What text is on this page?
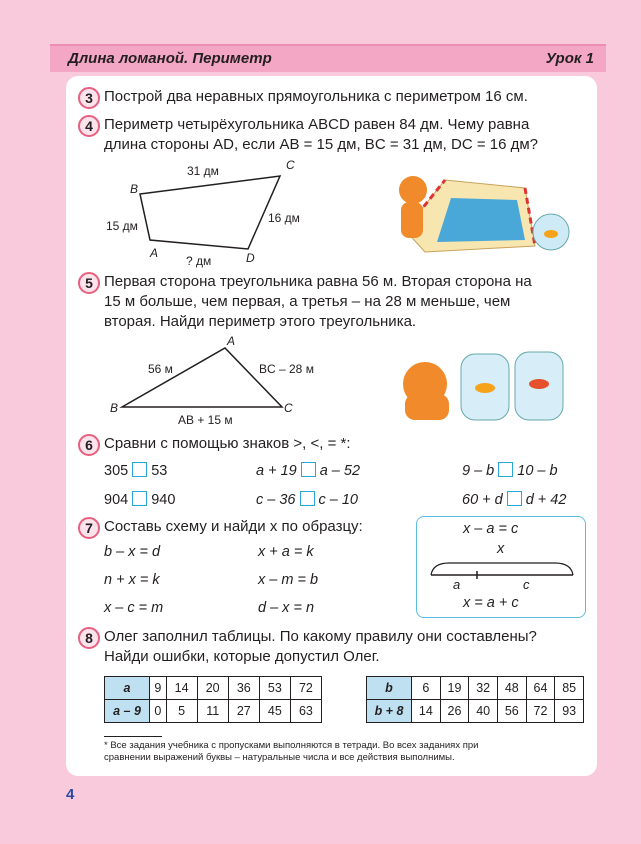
Длина ломаной. Периметр	Урок 1
3 Построй два неравных прямоугольника с периметром 16 см.
4 Периметр четырёхугольника ABCD равен 84 дм. Чему равна
длина стороны AD, если AB = 15 дм, BC = 31 дм, DC = 16 дм?
B
C
A	D
31 дм
15 дм
16 дм
? дм
5 Первая сторона треугольника равна 56 м. Вторая сторона на
15 м больше, чем первая, а третья – на 28 м меньше, чем
вторая. Найди периметр этого треугольника.
A
B	C
56 м	BC – 28 м
AB + 15 м
6 Сравни с помощью знаков >, <, = *:
305 53	a + 19 a – 52	9 – b 10 – b
904 940	c – 36 c – 10	60 + d d + 42
7 Составь схему и найди x по образцу:
b – x = d	x + a = k
n + x = k	x – m = b
x – c = m	d – x = n
x – a = c
x
a	c
x = a + c
8 Олег заполнил таблицы. По какому правилу они составлены?
Найди ошибки, которые допустил Олег.
a	9	14	20	36	53	72
a – 9	0	5	11	27	45	63
b	6	19	32	48	64	85
b + 8	14	26	40	56	72	93
* Все задания учебника с пропусками выполняются в тетради. Во всех заданиях при
сравнении выражений буквы – натуральные числа и все действия выполнимы.
4
